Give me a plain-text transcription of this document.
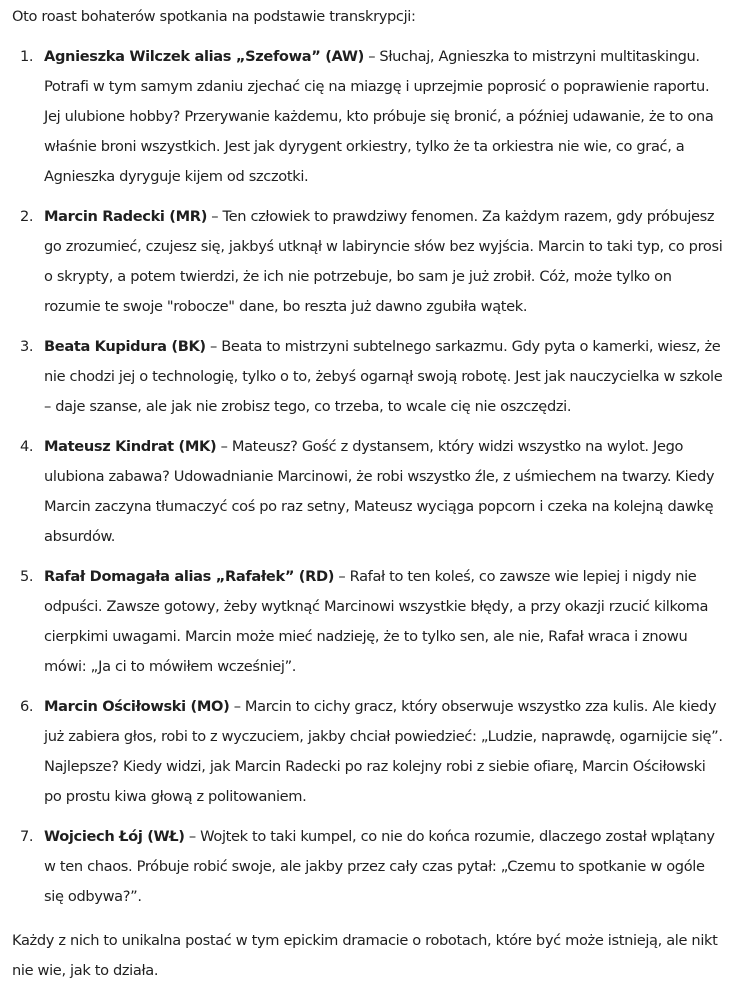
Oto roast bohaterów spotkania na podstawie transkrypcji:

1. Agnieszka Wilczek alias „Szefowa” (AW) – Słuchaj, Agnieszka to mistrzyni multitaskingu. Potrafi w tym samym zdaniu zjechać cię na miazgę i uprzejmie poprosić o poprawienie raportu. Jej ulubione hobby? Przerywanie każdemu, kto próbuje się bronić, a później udawanie, że to ona właśnie broni wszystkich. Jest jak dyrygent orkiestry, tylko że ta orkiestra nie wie, co grać, a Agnieszka dyryguje kijem od szczotki.
2. Marcin Radecki (MR) – Ten człowiek to prawdziwy fenomen. Za każdym razem, gdy próbujesz go zrozumieć, czujesz się, jakbyś utknął w labiryncie słów bez wyjścia. Marcin to taki typ, co prosi o skrypty, a potem twierdzi, że ich nie potrzebuje, bo sam je już zrobił. Cóż, może tylko on rozumie te swoje "robocze" dane, bo reszta już dawno zgubiła wątek.
3. Beata Kupidura (BK) – Beata to mistrzyni subtelnego sarkazmu. Gdy pyta o kamerki, wiesz, że nie chodzi jej o technologię, tylko o to, żebyś ogarnął swoją robotę. Jest jak nauczycielka w szkole – daje szanse, ale jak nie zrobisz tego, co trzeba, to wcale cię nie oszczędzi.
4. Mateusz Kindrat (MK) – Mateusz? Gość z dystansem, który widzi wszystko na wylot. Jego ulubiona zabawa? Udowadnianie Marcinowi, że robi wszystko źle, z uśmiechem na twarzy. Kiedy Marcin zaczyna tłumaczyć coś po raz setny, Mateusz wyciąga popcorn i czeka na kolejną dawkę absurdów.
5. Rafał Domagała alias „Rafałek” (RD) – Rafał to ten koleś, co zawsze wie lepiej i nigdy nie odpuści. Zawsze gotowy, żeby wytknąć Marcinowi wszystkie błędy, a przy okazji rzucić kilkoma cierpkimi uwagami. Marcin może mieć nadzieję, że to tylko sen, ale nie, Rafał wraca i znowu mówi: „Ja ci to mówiłem wcześniej”.
6. Marcin Ościłowski (MO) – Marcin to cichy gracz, który obserwuje wszystko zza kulis. Ale kiedy już zabiera głos, robi to z wyczuciem, jakby chciał powiedzieć: „Ludzie, naprawdę, ogarnijcie się”. Najlepsze? Kiedy widzi, jak Marcin Radecki po raz kolejny robi z siebie ofiarę, Marcin Ościłowski po prostu kiwa głową z politowaniem.
7. Wojciech Łój (WŁ) – Wojtek to taki kumpel, co nie do końca rozumie, dlaczego został wplątany w ten chaos. Próbuje robić swoje, ale jakby przez cały czas pytał: „Czemu to spotkanie w ogóle się odbywa?”.

Każdy z nich to unikalna postać w tym epickim dramacie o robotach, które być może istnieją, ale nikt nie wie, jak to działa.
